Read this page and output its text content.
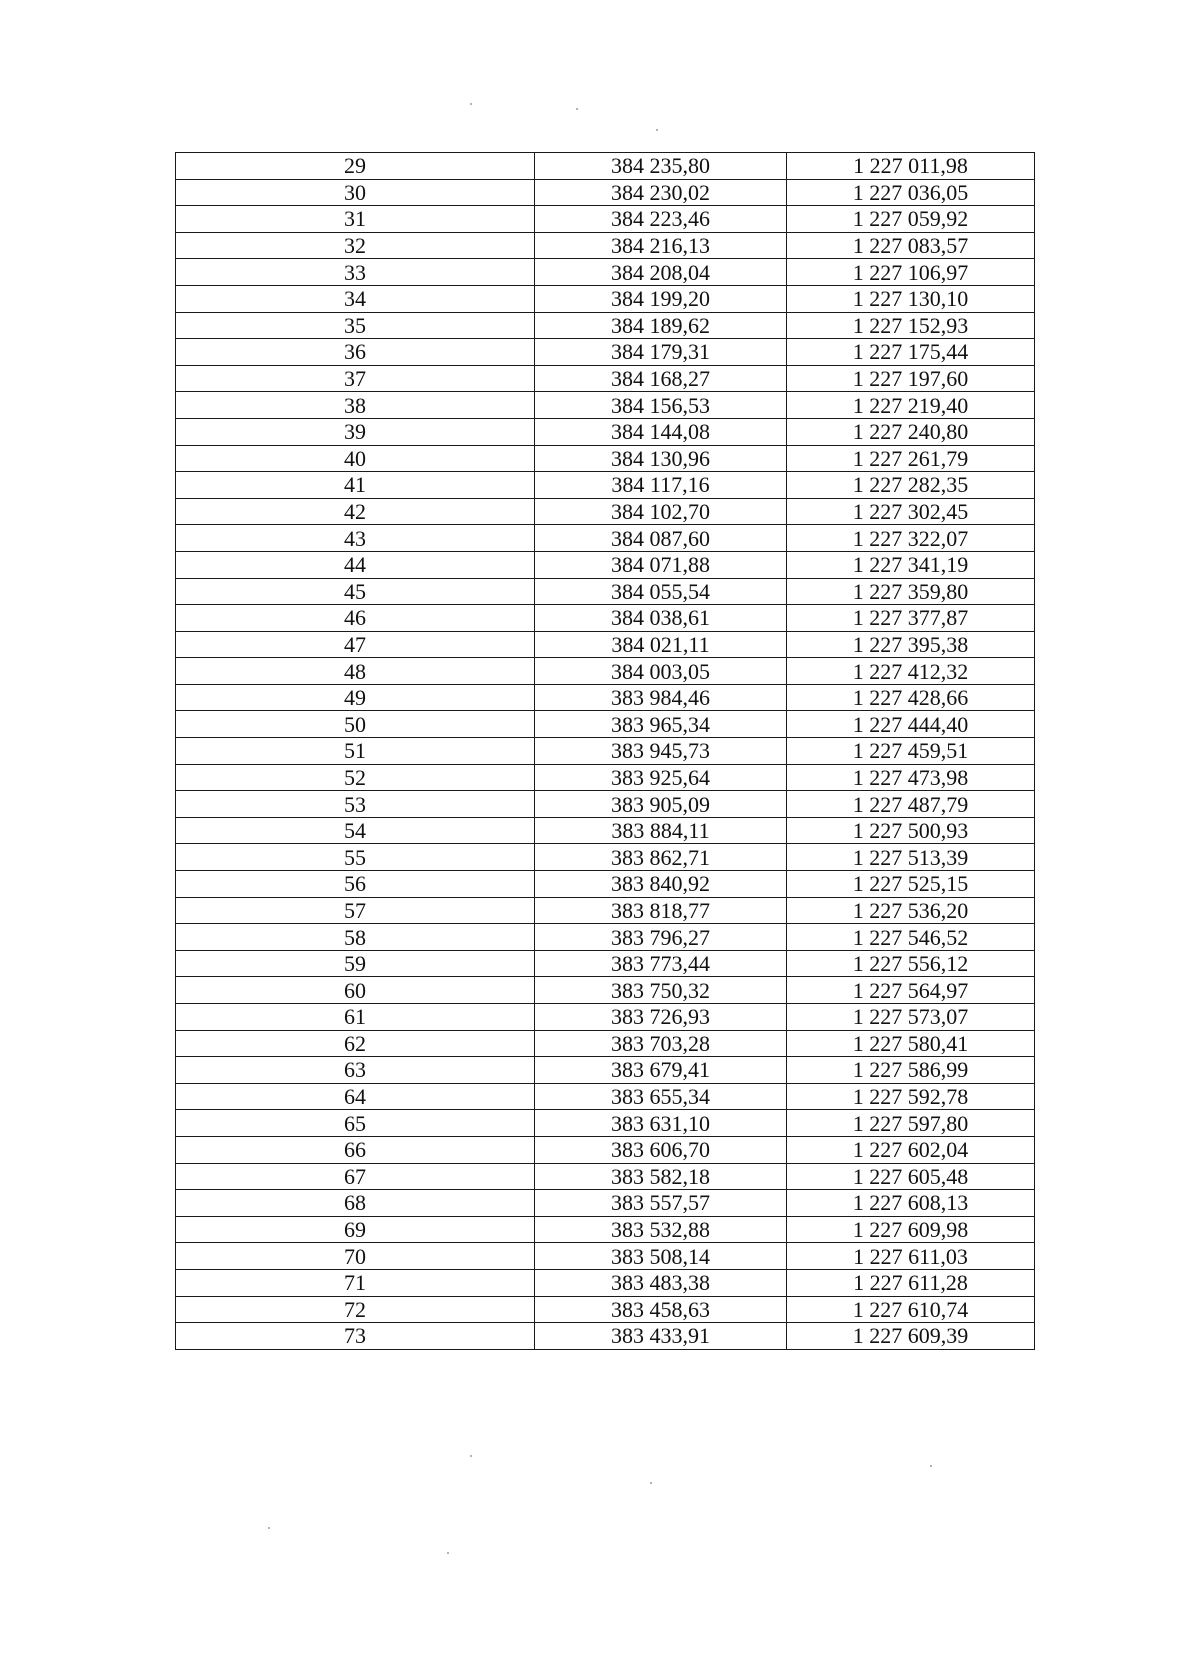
29	384 235,80	1 227 011,98
30	384 230,02	1 227 036,05
31	384 223,46	1 227 059,92
32	384 216,13	1 227 083,57
33	384 208,04	1 227 106,97
34	384 199,20	1 227 130,10
35	384 189,62	1 227 152,93
36	384 179,31	1 227 175,44
37	384 168,27	1 227 197,60
38	384 156,53	1 227 219,40
39	384 144,08	1 227 240,80
40	384 130,96	1 227 261,79
41	384 117,16	1 227 282,35
42	384 102,70	1 227 302,45
43	384 087,60	1 227 322,07
44	384 071,88	1 227 341,19
45	384 055,54	1 227 359,80
46	384 038,61	1 227 377,87
47	384 021,11	1 227 395,38
48	384 003,05	1 227 412,32
49	383 984,46	1 227 428,66
50	383 965,34	1 227 444,40
51	383 945,73	1 227 459,51
52	383 925,64	1 227 473,98
53	383 905,09	1 227 487,79
54	383 884,11	1 227 500,93
55	383 862,71	1 227 513,39
56	383 840,92	1 227 525,15
57	383 818,77	1 227 536,20
58	383 796,27	1 227 546,52
59	383 773,44	1 227 556,12
60	383 750,32	1 227 564,97
61	383 726,93	1 227 573,07
62	383 703,28	1 227 580,41
63	383 679,41	1 227 586,99
64	383 655,34	1 227 592,78
65	383 631,10	1 227 597,80
66	383 606,70	1 227 602,04
67	383 582,18	1 227 605,48
68	383 557,57	1 227 608,13
69	383 532,88	1 227 609,98
70	383 508,14	1 227 611,03
71	383 483,38	1 227 611,28
72	383 458,63	1 227 610,74
73	383 433,91	1 227 609,39
